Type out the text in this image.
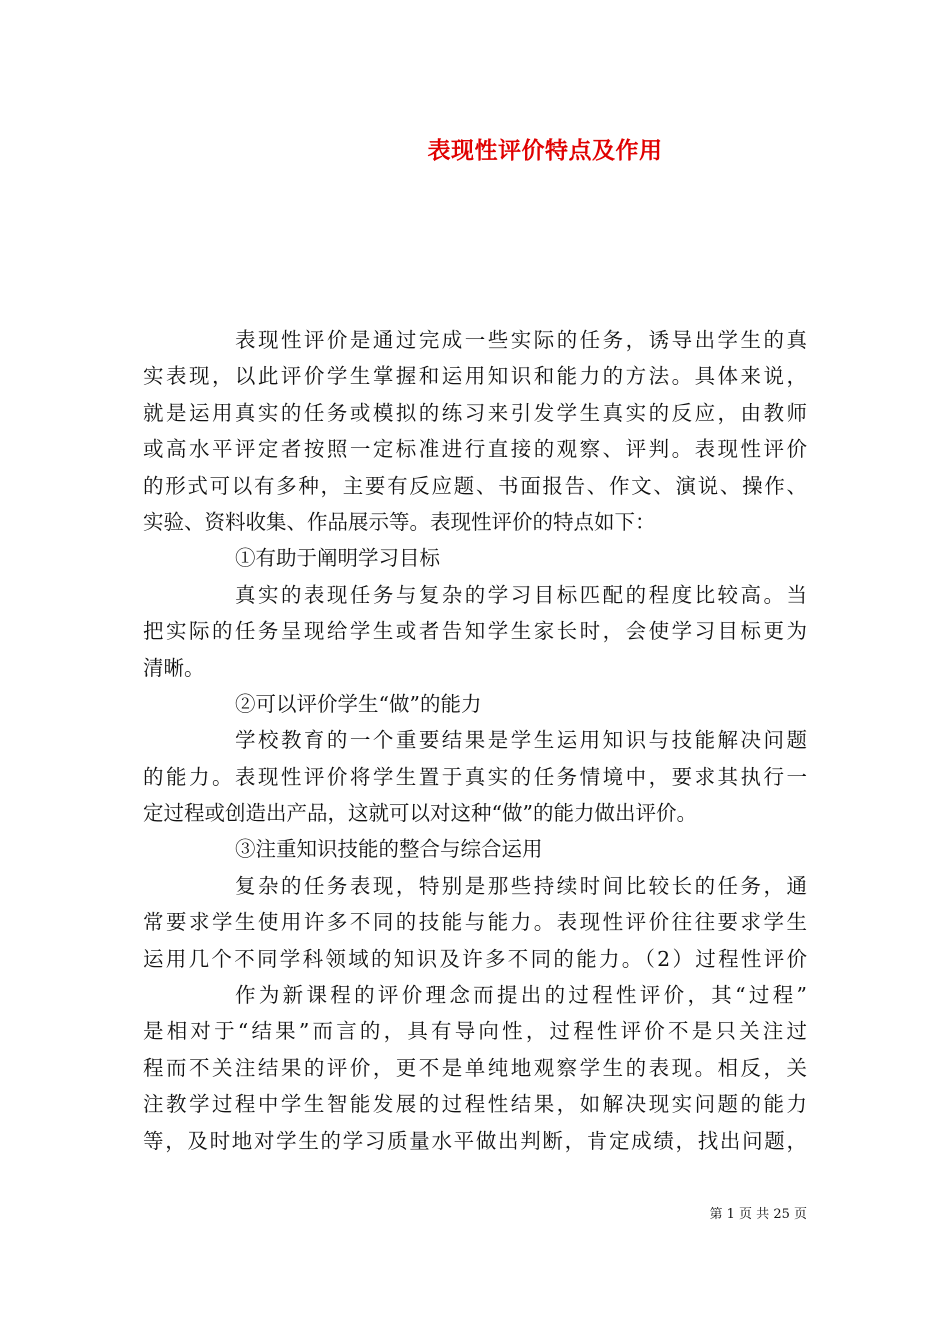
表现性评价特点及作用
表现性评价是通过完成一些实际的任务，诱导出学生的真
实表现，以此评价学生掌握和运用知识和能力的方法。具体来说，
就是运用真实的任务或模拟的练习来引发学生真实的反应，由教师
或高水平评定者按照一定标准进行直接的观察、评判。表现性评价
的形式可以有多种，主要有反应题、书面报告、作文、演说、操作、
实验、资料收集、作品展示等。表现性评价的特点如下：
①有助于阐明学习目标
真实的表现任务与复杂的学习目标匹配的程度比较高。当
把实际的任务呈现给学生或者告知学生家长时，会使学习目标更为
清晰。
②可以评价学生“做”的能力
学校教育的一个重要结果是学生运用知识与技能解决问题
的能力。表现性评价将学生置于真实的任务情境中，要求其执行一
定过程或创造出产品，这就可以对这种“做”的能力做出评价。
③注重知识技能的整合与综合运用
复杂的任务表现，特别是那些持续时间比较长的任务，通
常要求学生使用许多不同的技能与能力。表现性评价往往要求学生
运用几个不同学科领域的知识及许多不同的能力。（2）过程性评价
作为新课程的评价理念而提出的过程性评价，其“过程”
是相对于“结果”而言的，具有导向性，过程性评价不是只关注过
程而不关注结果的评价，更不是单纯地观察学生的表现。相反，关
注教学过程中学生智能发展的过程性结果，如解决现实问题的能力
等，及时地对学生的学习质量水平做出判断，肯定成绩，找出问题，
第 1 页 共 25 页
